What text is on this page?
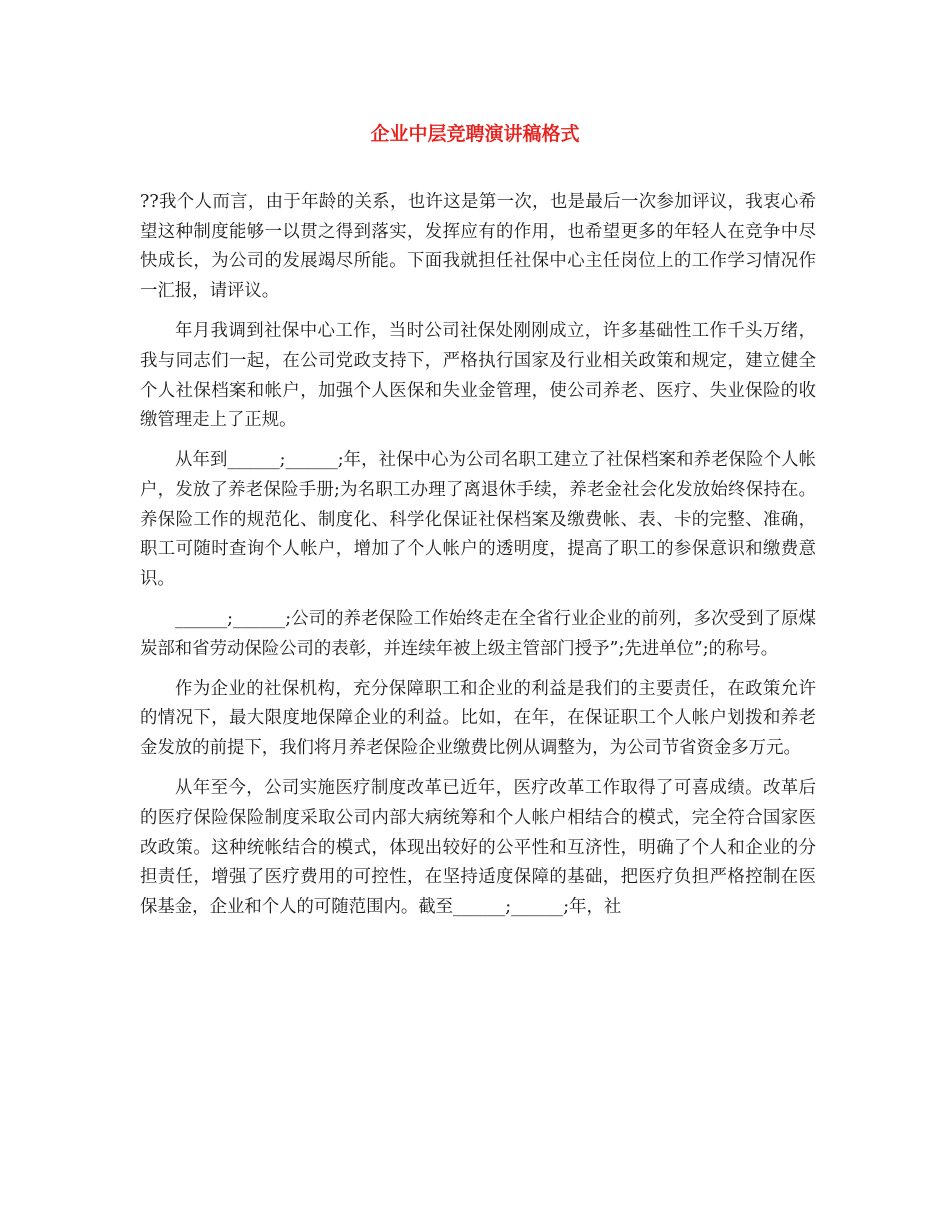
企业中层竞聘演讲稿格式

??我个人而言，由于年龄的关系，也许这是第一次，也是最后一次参加评议，我衷心希望这种制度能够一以贯之得到落实，发挥应有的作用，也希望更多的年轻人在竞争中尽快成长，为公司的发展竭尽所能。下面我就担任社保中心主任岗位上的工作学习情况作一汇报，请评议。

年月我调到社保中心工作，当时公司社保处刚刚成立，许多基础性工作千头万绪，我与同志们一起，在公司党政支持下，严格执行国家及行业相关政策和规定，建立健全个人社保档案和帐户，加强个人医保和失业金管理，使公司养老、医疗、失业保险的收缴管理走上了正规。

从年到______;______;年，社保中心为公司名职工建立了社保档案和养老保险个人帐户，发放了养老保险手册;为名职工办理了离退休手续，养老金社会化发放始终保持在。养保险工作的规范化、制度化、科学化保证社保档案及缴费帐、表、卡的完整、准确，职工可随时查询个人帐户，增加了个人帐户的透明度，提高了职工的参保意识和缴费意识。

______;______;公司的养老保险工作始终走在全省行业企业的前列，多次受到了原煤炭部和省劳动保险公司的表彰，并连续年被上级主管部门授予”;先进单位”;的称号。

作为企业的社保机构，充分保障职工和企业的利益是我们的主要责任，在政策允许的情况下，最大限度地保障企业的利益。比如，在年，在保证职工个人帐户划拨和养老金发放的前提下，我们将月养老保险企业缴费比例从调整为，为公司节省资金多万元。

从年至今，公司实施医疗制度改革已近年，医疗改革工作取得了可喜成绩。改革后的医疗保险保险制度采取公司内部大病统筹和个人帐户相结合的模式，完全符合国家医改政策。这种统帐结合的模式，体现出较好的公平性和互济性，明确了个人和企业的分担责任，增强了医疗费用的可控性，在坚持适度保障的基础，把医疗负担严格控制在医保基金，企业和个人的可随范围内。截至______;______;年，社
